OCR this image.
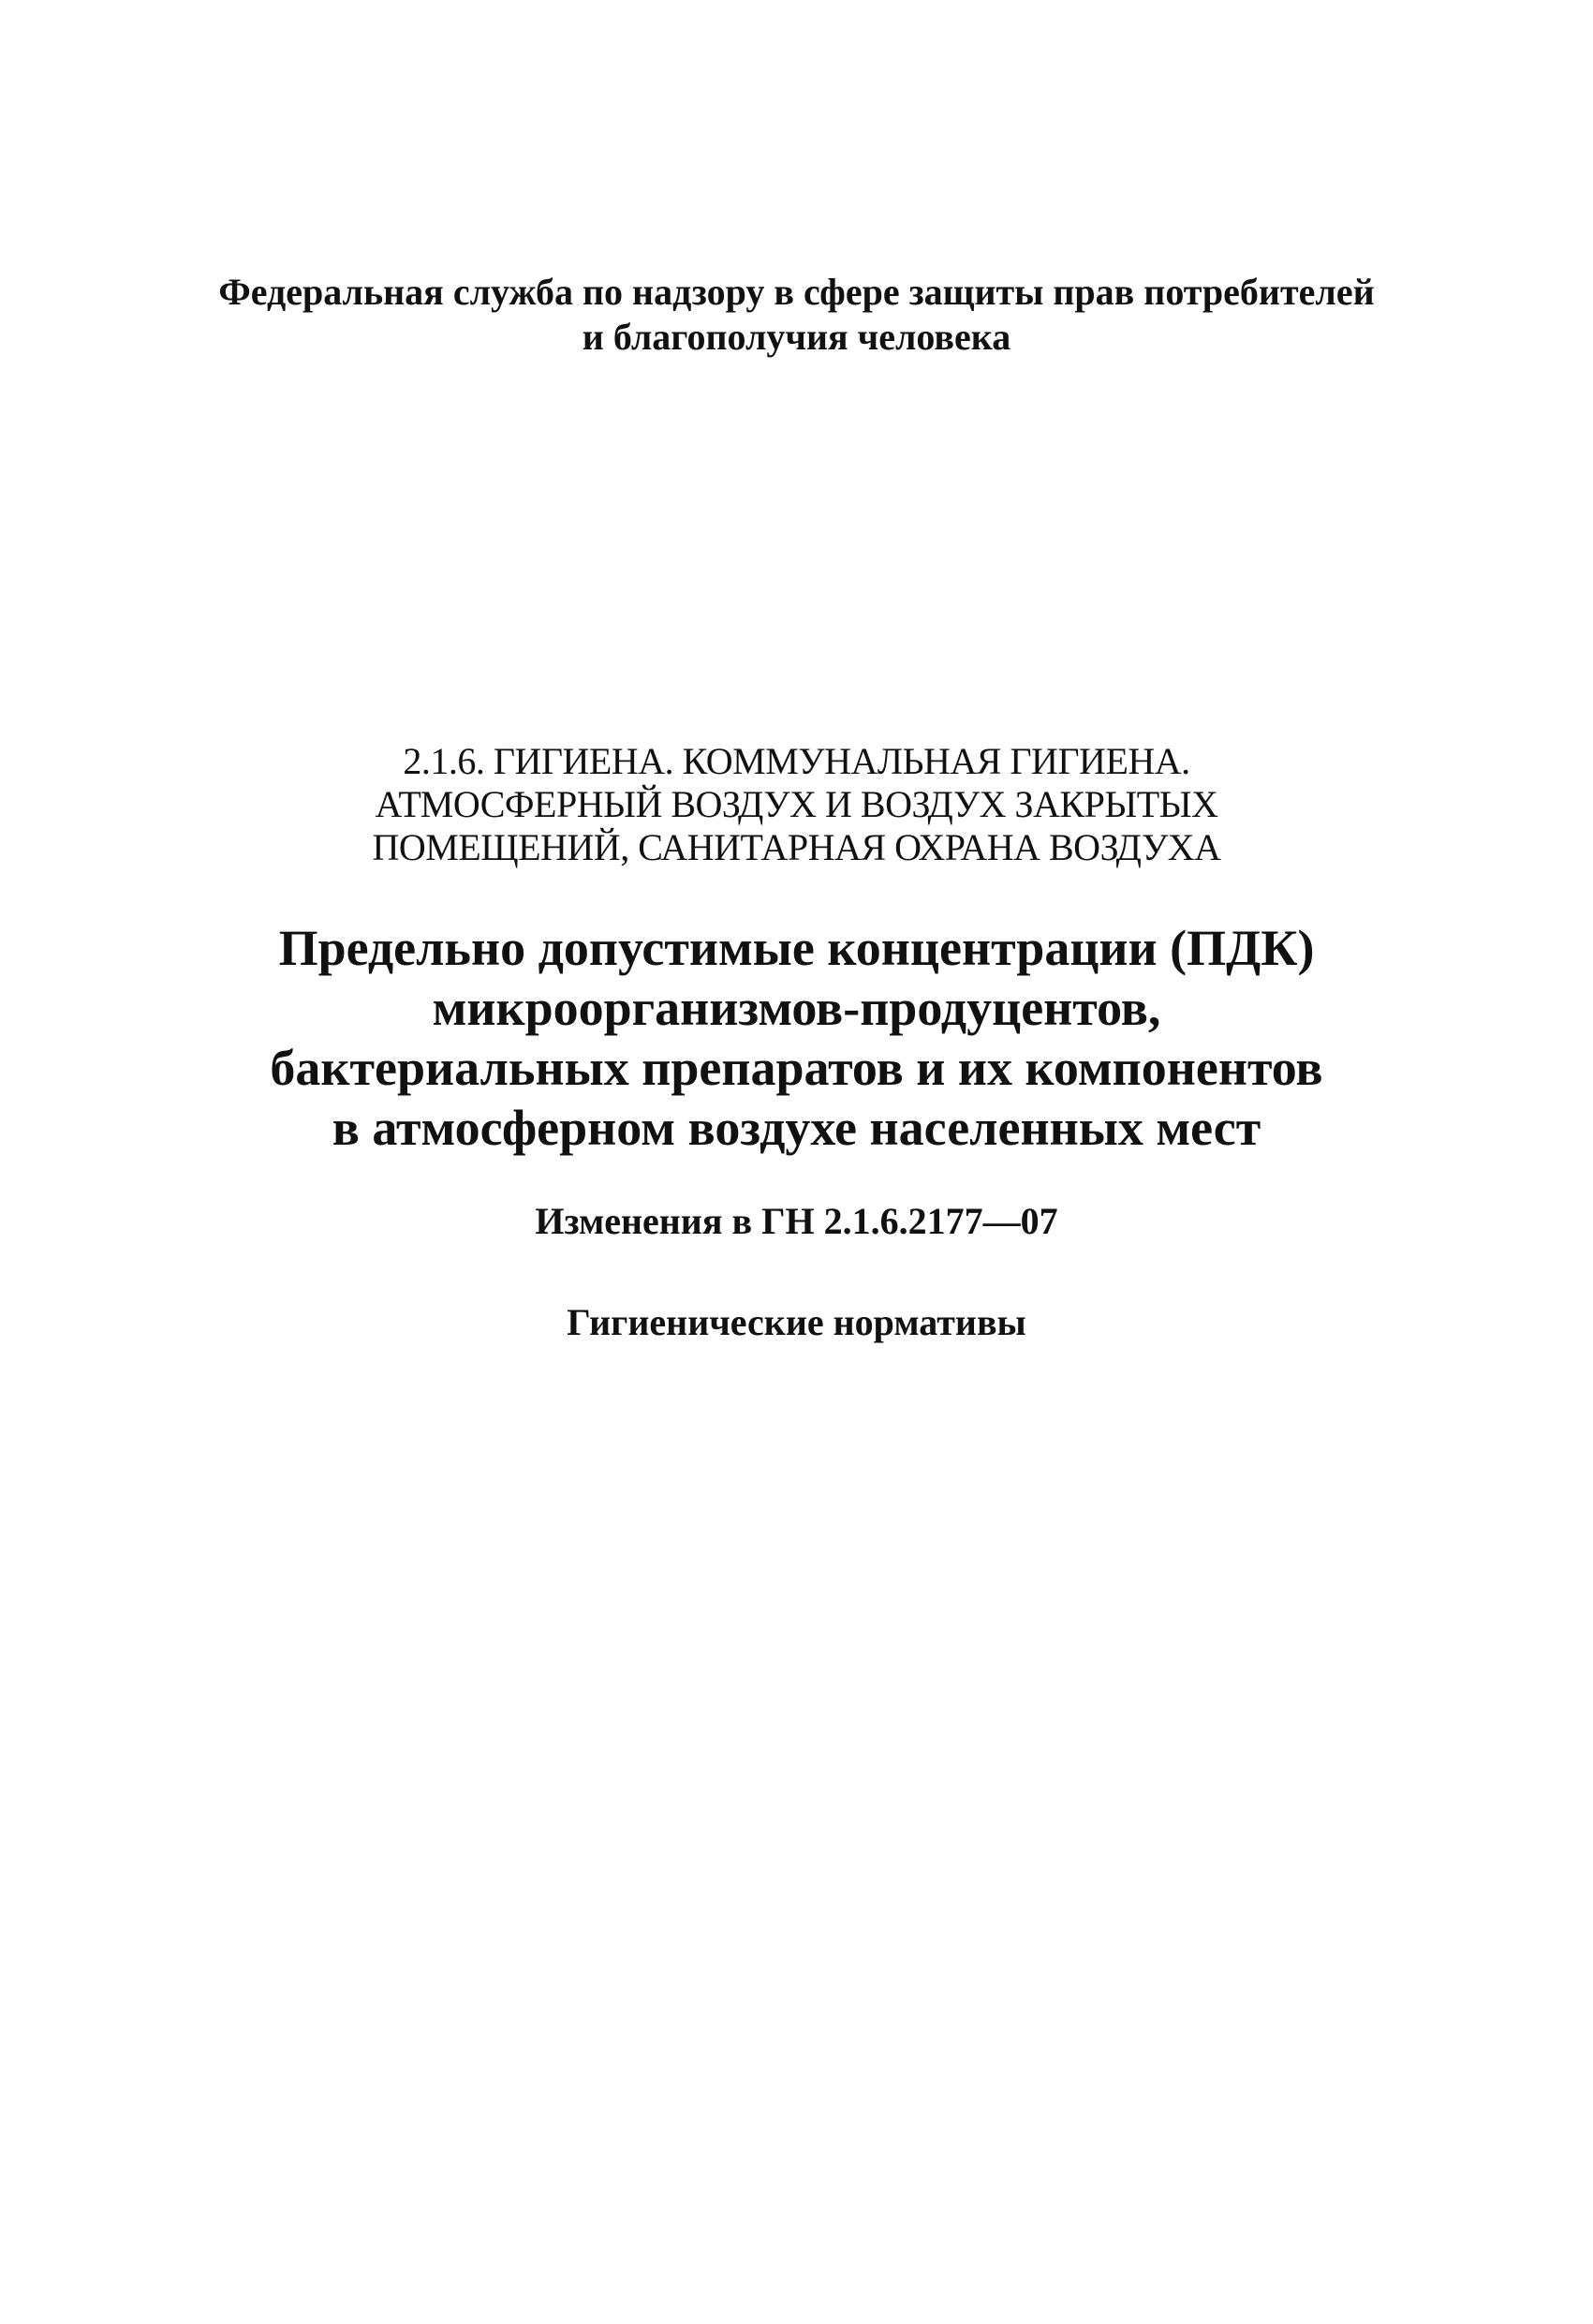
Федеральная служба по надзору в сфере защиты прав потребителей
и благополучия человека
2.1.6. ГИГИЕНА. КОММУНАЛЬНАЯ ГИГИЕНА.
АТМОСФЕРНЫЙ ВОЗДУХ И ВОЗДУХ ЗАКРЫТЫХ
ПОМЕЩЕНИЙ, САНИТАРНАЯ ОХРАНА ВОЗДУХА
Предельно допустимые концентрации (ПДК)
микроорганизмов-продуцентов,
бактериальных препаратов и их компонентов
в атмосферном воздухе населенных мест
Изменения в ГН 2.1.6.2177—07
Гигиенические нормативы
